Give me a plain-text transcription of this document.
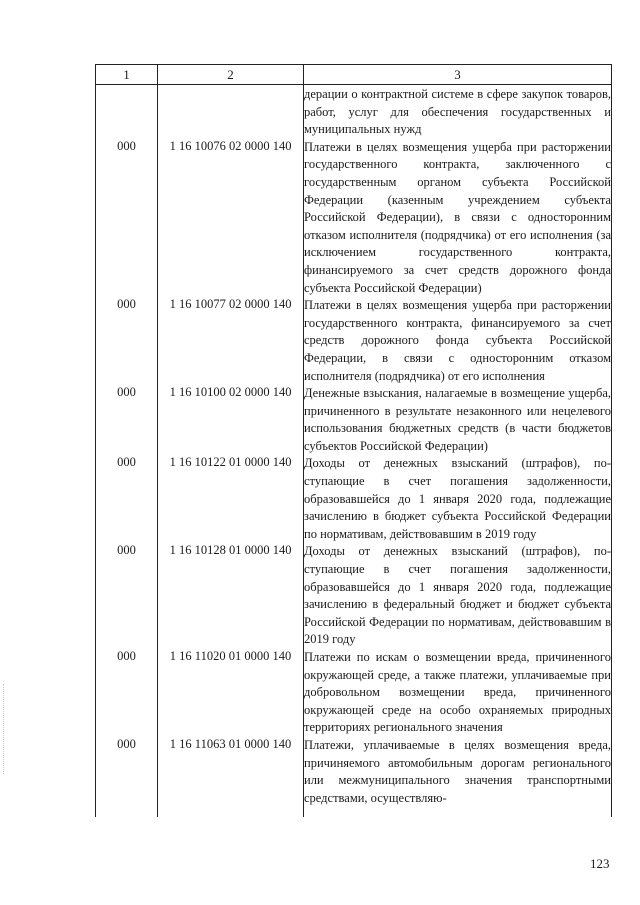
1	2	3
		дерации о контрактной системе в сфере закупок товаров, работ, услуг для обеспечения государственных и муниципальных нужд
000	1 16 10076 02 0000 140	Платежи в целях возмещения ущерба при расторжении государственного контракта, заключенного с государственным органом субъекта Российской Федерации (казенным учреждением субъекта Российской Федерации), в связи с односторонним отказом исполнителя (подрядчика) от его исполнения (за исключением государственного контракта, финансируемого за счет средств дорожного фонда субъекта Российской Федерации)
000	1 16 10077 02 0000 140	Платежи в целях возмещения ущерба при расторжении государственного контракта, финансируемого за счет средств дорожного фонда субъекта Российской Федерации, в связи с односторонним отказом исполнителя (подрядчика) от его исполнения
000	1 16 10100 02 0000 140	Денежные взыскания, налагаемые в возмещение ущерба, причиненного в результате незаконного или нецелевого использования бюджетных средств (в части бюджетов субъектов Российской Федерации)
000	1 16 10122 01 0000 140	Доходы от денежных взысканий (штрафов), поступающие в счет погашения задолженности, образовавшейся до 1 января 2020 года, подлежащие зачислению в бюджет субъекта Российской Федерации по нормативам, действовавшим в 2019 году
000	1 16 10128 01 0000 140	Доходы от денежных взысканий (штрафов), поступающие в счет погашения задолженности, образовавшейся до 1 января 2020 года, подлежащие зачислению в федеральный бюджет и бюджет субъекта Российской Федерации по нормативам, действовавшим в 2019 году
000	1 16 11020 01 0000 140	Платежи по искам о возмещении вреда, причиненного окружающей среде, а также платежи, уплачиваемые при добровольном возмещении вреда, причиненного окружающей среде на особо охраняемых природных территориях регионального значения
000	1 16 11063 01 0000 140	Платежи, уплачиваемые в целях возмещения вреда, причиняемого автомобильным дорогам регионального или межмуниципального значения транспортными средствами, осуществляю-

123
